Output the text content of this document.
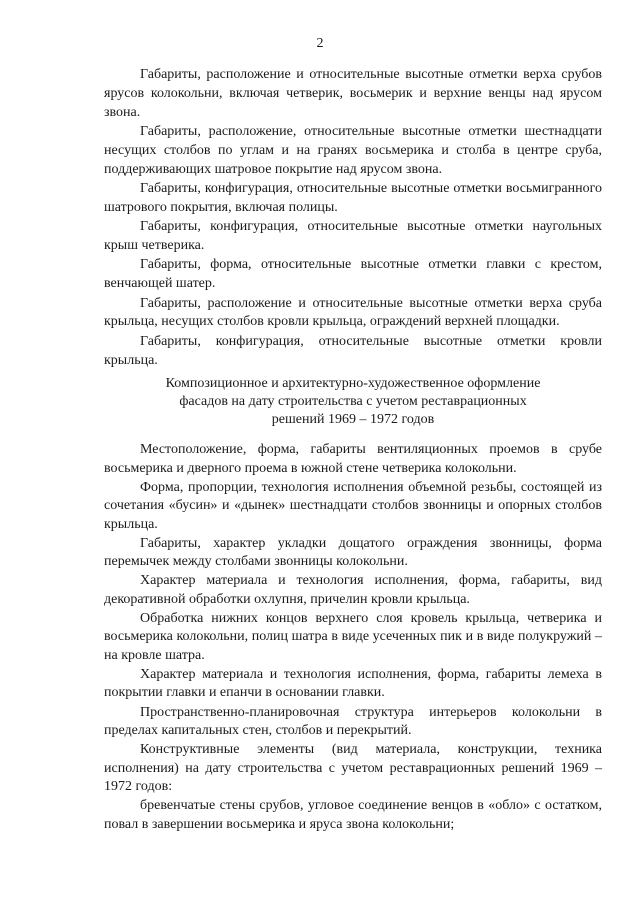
2

Габариты, расположение и относительные высотные отметки верха срубов ярусов колокольни, включая четверик, восьмерик и верхние венцы над ярусом звона.

Габариты, расположение, относительные высотные отметки шестнадцати несущих столбов по углам и на гранях восьмерика и столба в центре сруба, поддерживающих шатровое покрытие над ярусом звона.

Габариты, конфигурация, относительные высотные отметки восьмигранного шатрового покрытия, включая полицы.

Габариты, конфигурация, относительные высотные отметки наугольных крыш четверика.

Габариты, форма, относительные высотные отметки главки с крестом, венчающей шатер.

Габариты, расположение и относительные высотные отметки верха сруба крыльца, несущих столбов кровли крыльца, ограждений верхней площадки.

Габариты, конфигурация, относительные высотные отметки кровли крыльца.

Композиционное и архитектурно-художественное оформление
фасадов на дату строительства с учетом реставрационных
решений 1969 – 1972 годов

Местоположение, форма, габариты вентиляционных проемов в срубе восьмерика и дверного проема в южной стене четверика колокольни.

Форма, пропорции, технология исполнения объемной резьбы, состоящей из сочетания «бусин» и «дынек» шестнадцати столбов звонницы и опорных столбов крыльца.

Габариты, характер укладки дощатого ограждения звонницы, форма перемычек между столбами звонницы колокольни.

Характер материала и технология исполнения, форма, габариты, вид декоративной обработки охлупня, причелин кровли крыльца.

Обработка нижних концов верхнего слоя кровель крыльца, четверика и восьмерика колокольни, полиц шатра в виде усеченных пик и в виде полукружий – на кровле шатра.

Характер материала и технология исполнения, форма, габариты лемеха в покрытии главки и епанчи в основании главки.

Пространственно-планировочная структура интерьеров колокольни в пределах капитальных стен, столбов и перекрытий.

Конструктивные элементы (вид материала, конструкции, техника исполнения) на дату строительства с учетом реставрационных решений 1969 – 1972 годов:

бревенчатые стены срубов, угловое соединение венцов в «обло» с остатком, повал в завершении восьмерика и яруса звона колокольни;
